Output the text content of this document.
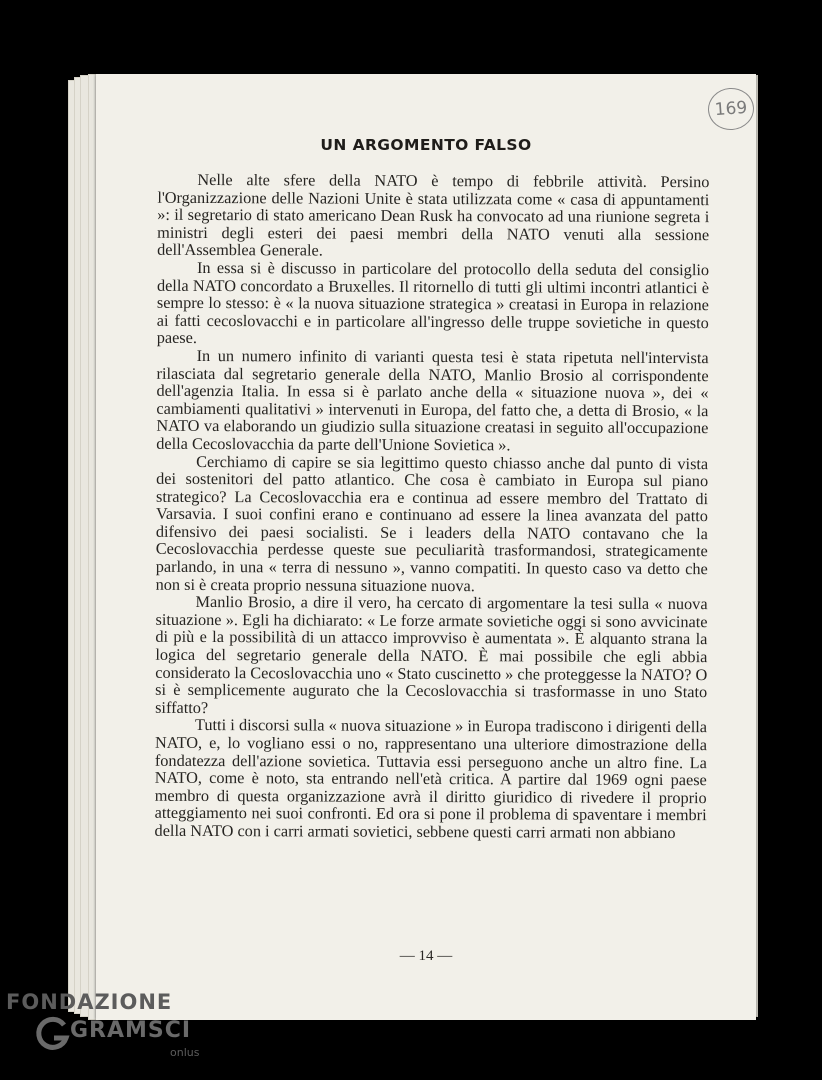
169
UN ARGOMENTO FALSO

Nelle alte sfere della NATO è tempo di febbrile attività. Persino l'Organizzazione delle Nazioni Unite è stata utilizzata come « casa di appuntamenti »: il segretario di stato americano Dean Rusk ha convocato ad una riunione segreta i ministri degli esteri dei paesi membri della NATO venuti alla sessione dell'Assemblea Generale.

In essa si è discusso in particolare del protocollo della seduta del consiglio della NATO concordato a Bruxelles. Il ritornello di tutti gli ultimi incontri atlantici è sempre lo stesso: è « la nuova situazione strategica » creatasi in Europa in relazione ai fatti cecoslovacchi e in particolare all'ingresso delle truppe sovietiche in questo paese.

In un numero infinito di varianti questa tesi è stata ripetuta nell'intervista rilasciata dal segretario generale della NATO, Manlio Brosio al corrispondente dell'agenzia Italia. In essa si è parlato anche della « situazione nuova », dei « cambiamenti qualitativi » intervenuti in Europa, del fatto che, a detta di Brosio, « la NATO va elaborando un giudizio sulla situazione creatasi in seguito all'occupazione della Cecoslovacchia da parte dell'Unione Sovietica ».

Cerchiamo di capire se sia legittimo questo chiasso anche dal punto di vista dei sostenitori del patto atlantico. Che cosa è cambiato in Europa sul piano strategico? La Cecoslovacchia era e continua ad essere membro del Trattato di Varsavia. I suoi confini erano e continuano ad essere la linea avanzata del patto difensivo dei paesi socialisti. Se i leaders della NATO contavano che la Cecoslovacchia perdesse queste sue peculiarità trasformandosi, strategicamente parlando, in una « terra di nessuno », vanno compatiti. In questo caso va detto che non si è creata proprio nessuna situazione nuova.

Manlio Brosio, a dire il vero, ha cercato di argomentare la tesi sulla « nuova situazione ». Egli ha dichiarato: « Le forze armate sovietiche oggi si sono avvicinate di più e la possibilità di un attacco improvviso è aumentata ». È alquanto strana la logica del segretario generale della NATO. È mai possibile che egli abbia considerato la Cecoslovacchia uno « Stato cuscinetto » che proteggesse la NATO? O si è semplicemente augurato che la Cecoslovacchia si trasformasse in uno Stato siffatto?

Tutti i discorsi sulla « nuova situazione » in Europa tradiscono i dirigenti della NATO, e, lo vogliano essi o no, rappresentano una ulteriore dimostrazione della fondatezza dell'azione sovietica. Tuttavia essi perseguono anche un altro fine. La NATO, come è noto, sta entrando nell'età critica. A partire dal 1969 ogni paese membro di questa organizzazione avrà il diritto giuridico di rivedere il proprio atteggiamento nei suoi confronti. Ed ora si pone il problema di spaventare i membri della NATO con i carri armati sovietici, sebbene questi carri armati non abbiano

— 14 —
FONDAZIONE
GRAMSCI
onlus
